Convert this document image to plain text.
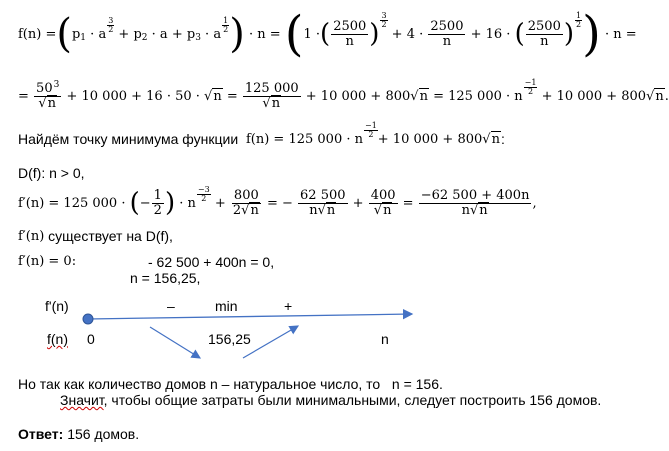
f(n) = ( p 1 · a
$\frac{3}{2}$
+ p 2
· a +
p 3 · a
$\frac{1}{2}$ )
· n =
( 1 · ( $\frac{2500}{n}$ ) $\frac{3}{2}$

+ 4 ·
$\frac{2500}{n}$
+ 16 ·
( $\frac{2500}{n}$ ) $\frac{1}{2}$ )
· n =
=
$\frac{50^3}{√n}$
+ 10 000 + 16 · 50 · √ n
=
$\frac{125 000}{√n}$
+ 10 000 + 800 √ n
= 125 000 · n
$\frac{-1}{2}$

+ 10 000 + 800 √ n .
Найдём точку минимума функции
f(n) = 125 000 · n
$\frac{-1}{2}$
+ 10 000 + 800 √n :
D(f): n > 0,
f′(n) = 125 000 ·
( − $\frac{1}{2}$ )
· n
$\frac{-3}{2}$
+ $\frac{800}{2√n}$
= −
$\frac{62 500}{n√n}$
+
$\frac{400}{√n}$
=
$\frac{-62 500 + 400n}{n√n}$ ,
f′(n)
существует на D(f),
f′(n) = 0:	- 62 500 + 400n = 0,
n = 156,25,
f'(n)	–	min	+
f(n) 0	156,25	n
Но так как количество домов n – натуральное число, то n = 156.
Значит, чтобы общие затраты были минимальными, следует построить 156 домов.
Ответ: 156 домов.
